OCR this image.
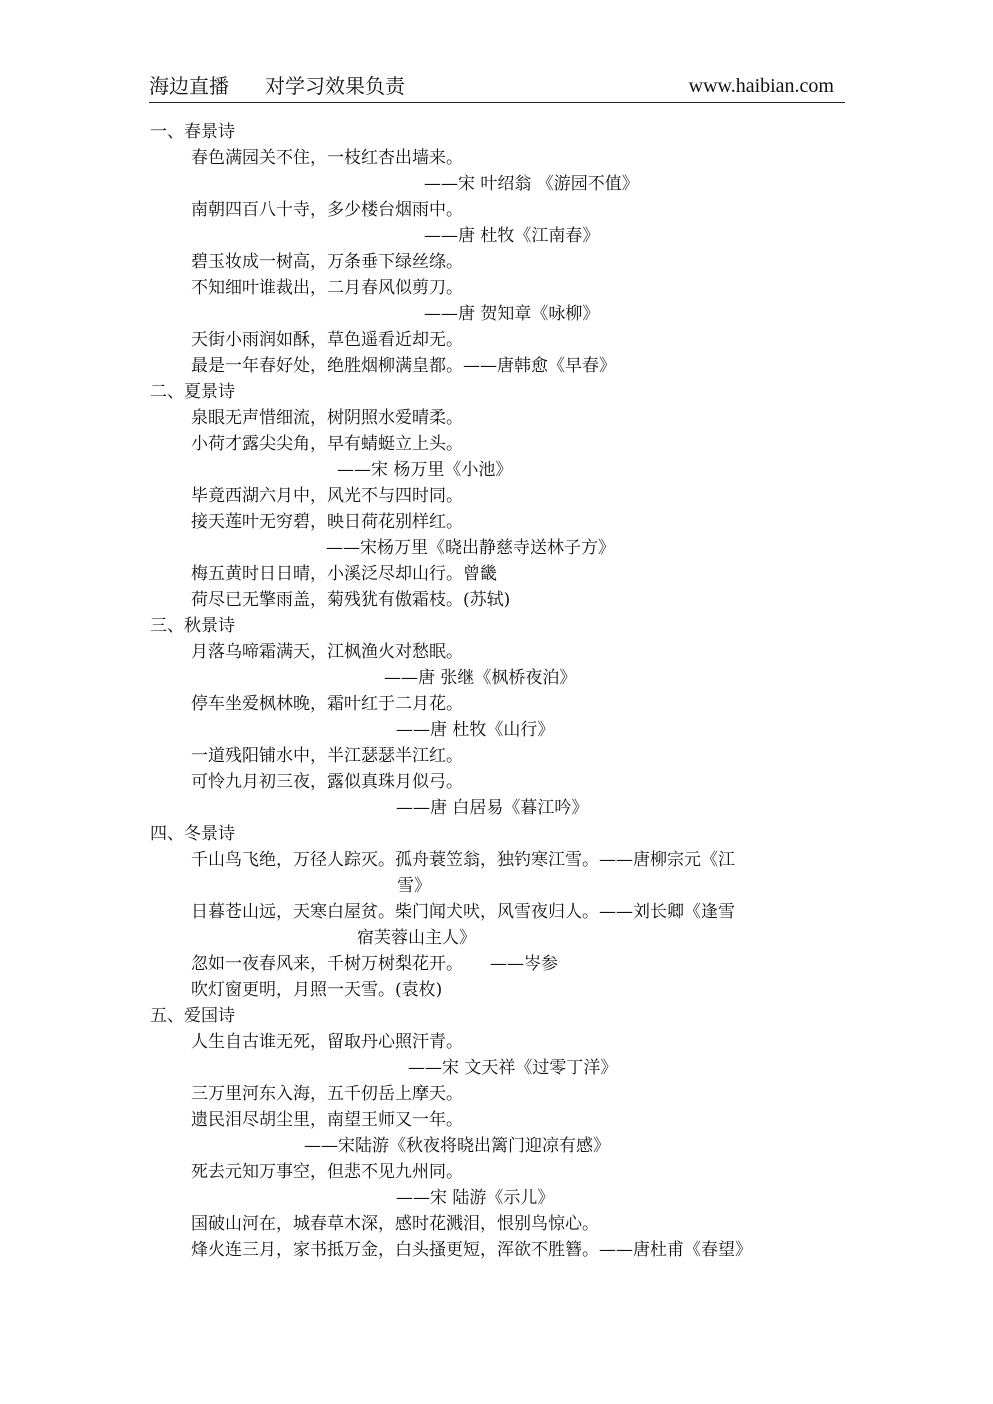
海边直播 对学习效果负责	www.haibian.com
一、春景诗
春色满园关不住，一枝红杏出墙来。
——宋 叶绍翁 《游园不值》
南朝四百八十寺，多少楼台烟雨中。
——唐 杜牧《江南春》
碧玉妆成一树高，万条垂下绿丝绦。
不知细叶谁裁出，二月春风似剪刀。
——唐 贺知章《咏柳》
天街小雨润如酥，草色遥看近却无。
最是一年春好处，绝胜烟柳满皇都。——唐韩愈《早春》
二、夏景诗
泉眼无声惜细流，树阴照水爱晴柔。
小荷才露尖尖角，早有蜻蜓立上头。
——宋 杨万里《小池》
毕竟西湖六月中，风光不与四时同。
接天莲叶无穷碧，映日荷花别样红。
——宋杨万里《晓出静慈寺送林子方》
梅五黄时日日晴，小溪泛尽却山行。曾畿
荷尽已无擎雨盖，菊残犹有傲霜枝。(苏轼)
三、秋景诗
月落乌啼霜满天，江枫渔火对愁眠。
——唐 张继《枫桥夜泊》
停车坐爱枫林晚，霜叶红于二月花。
——唐 杜牧《山行》
一道残阳铺水中，半江瑟瑟半江红。
可怜九月初三夜，露似真珠月似弓。
——唐 白居易《暮江吟》
四、冬景诗
千山鸟飞绝，万径人踪灭。孤舟蓑笠翁，独钓寒江雪。——唐柳宗元《江
雪》
日暮苍山远，天寒白屋贫。柴门闻犬吠，风雪夜归人。——刘长卿《逢雪
宿芙蓉山主人》
忽如一夜春风来，千树万树梨花开。     ——岑参
吹灯窗更明，月照一天雪。(袁枚)
五、爱国诗
人生自古谁无死，留取丹心照汗青。
——宋 文天祥《过零丁洋》
三万里河东入海，五千仞岳上摩天。
遗民泪尽胡尘里，南望王师又一年。
——宋陆游《秋夜将晓出篱门迎凉有感》
死去元知万事空，但悲不见九州同。
——宋 陆游《示儿》
国破山河在，城春草木深，感时花溅泪，恨别鸟惊心。
烽火连三月，家书抵万金，白头搔更短，浑欲不胜簪。——唐杜甫《春望》
